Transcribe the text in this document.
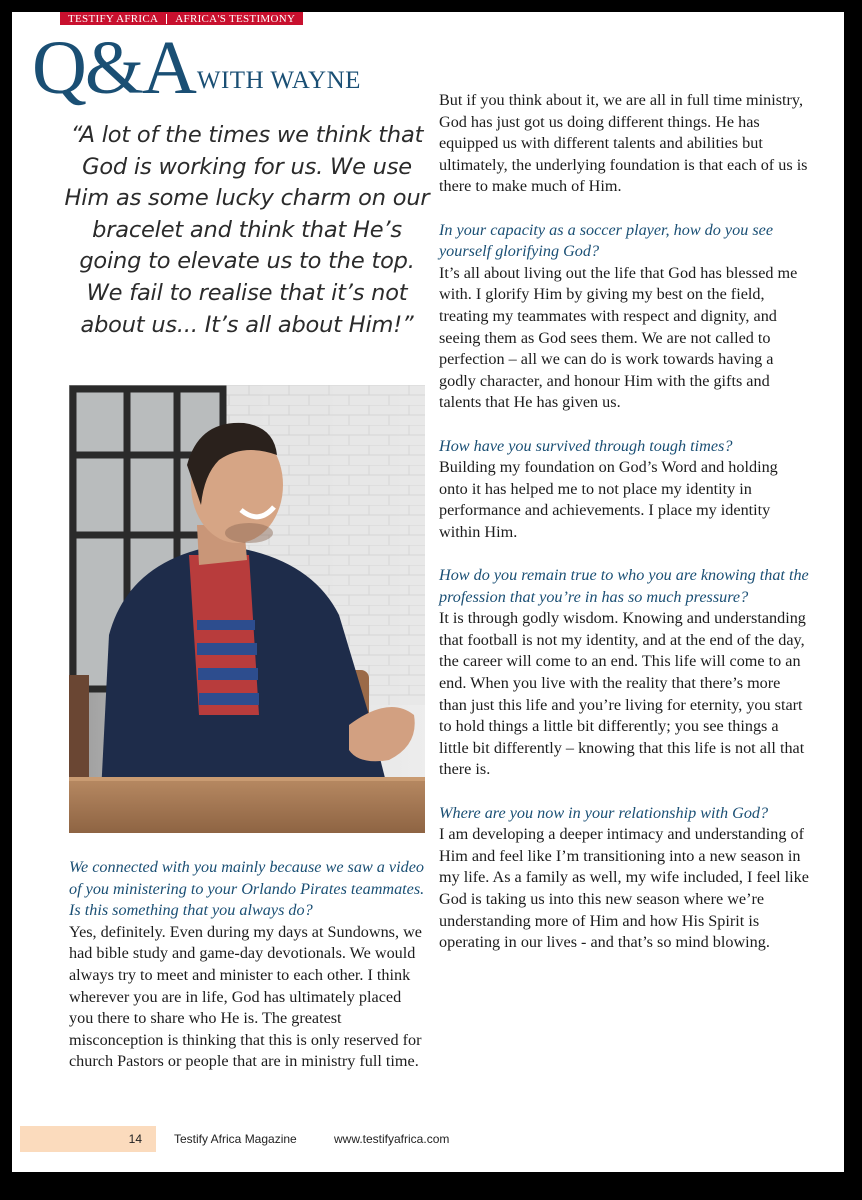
TESTIFY AFRICA AFRICA'S TESTIMONY
Q&A WITH WAYNE
“A lot of the times we think that God is working for us. We use Him as some lucky charm on our bracelet and think that He’s going to elevate us to the top. We fail to realise that it’s not about us... It’s all about Him!”

We connected with you mainly because we saw a video of you ministering to your Orlando Pirates teammates. Is this something that you always do?

Yes, definitely. Even during my days at Sundowns, we had bible study and game-day devotionals. We would always try to meet and minister to each other. I think wherever you are in life, God has ultimately placed you there to share who He is. The greatest misconception is thinking that this is only reserved for church Pastors or people that are in ministry full time.

But if you think about it, we are all in full time ministry, God has just got us doing different things. He has equipped us with different talents and abilities but ultimately, the underlying foundation is that each of us is there to make much of Him.

In your capacity as a soccer player, how do you see yourself glorifying God?

It’s all about living out the life that God has blessed me with. I glorify Him by giving my best on the field, treating my teammates with respect and dignity, and seeing them as God sees them. We are not called to perfection – all we can do is work towards having a godly character, and honour Him with the gifts and talents that He has given us.

How have you survived through tough times?

Building my foundation on God’s Word and holding onto it has helped me to not place my identity in performance and achievements. I place my identity within Him.

How do you remain true to who you are knowing that the profession that you’re in has so much pressure?

It is through godly wisdom. Knowing and understanding that football is not my identity, and at the end of the day, the career will come to an end. This life will come to an end. When you live with the reality that there’s more than just this life and you’re living for eternity, you start to hold things a little bit differently; you see things a little bit differently – knowing that this life is not all that there is.

Where are you now in your relationship with God?

I am developing a deeper intimacy and understanding of Him and feel like I’m transitioning into a new season in my life. As a family as well, my wife included, I feel like God is taking us into this new season where we’re understanding more of Him and how His Spirit is operating in our lives - and that’s so mind blowing.

14	Testify Africa Magazine	www.testifyafrica.com
